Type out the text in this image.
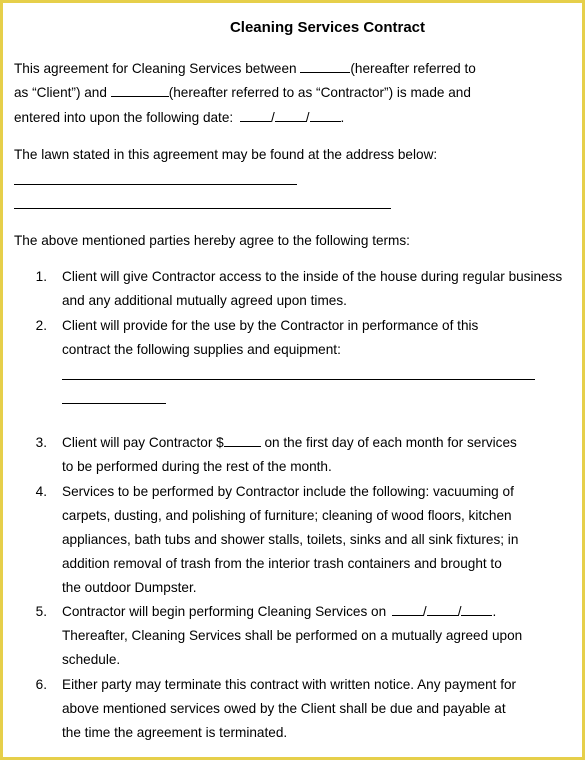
Cleaning Services Contract
This agreement for Cleaning Services between	(hereafter referred to
as “Client”) and	(hereafter referred to as “Contractor”) is made and
entered into upon the following date:	/ / .
The lawn stated in this agreement may be found at the address below:
The above mentioned parties hereby agree to the following terms:
1. Client will give Contractor access to the inside of the house during regular business
and any additional mutually agreed upon times.
2. Client will provide for the use by the Contractor in performance of this
contract the following supplies and equipment:
3. Client will pay Contractor $	on the first day of each month for services
to be performed during the rest of the month.
4. Services to be performed by Contractor include the following: vacuuming of
carpets, dusting, and polishing of furniture; cleaning of wood floors, kitchen
appliances, bath tubs and shower stalls, toilets, sinks and all sink fixtures; in
addition removal of trash from the interior trash containers and brought to
the outdoor Dumpster.
5. Contractor will begin performing Cleaning Services on	/ / .
Thereafter, Cleaning Services shall be performed on a mutually agreed upon
schedule.
6. Either party may terminate this contract with written notice. Any payment for
above mentioned services owed by the Client shall be due and payable at
the time the agreement is terminated.
